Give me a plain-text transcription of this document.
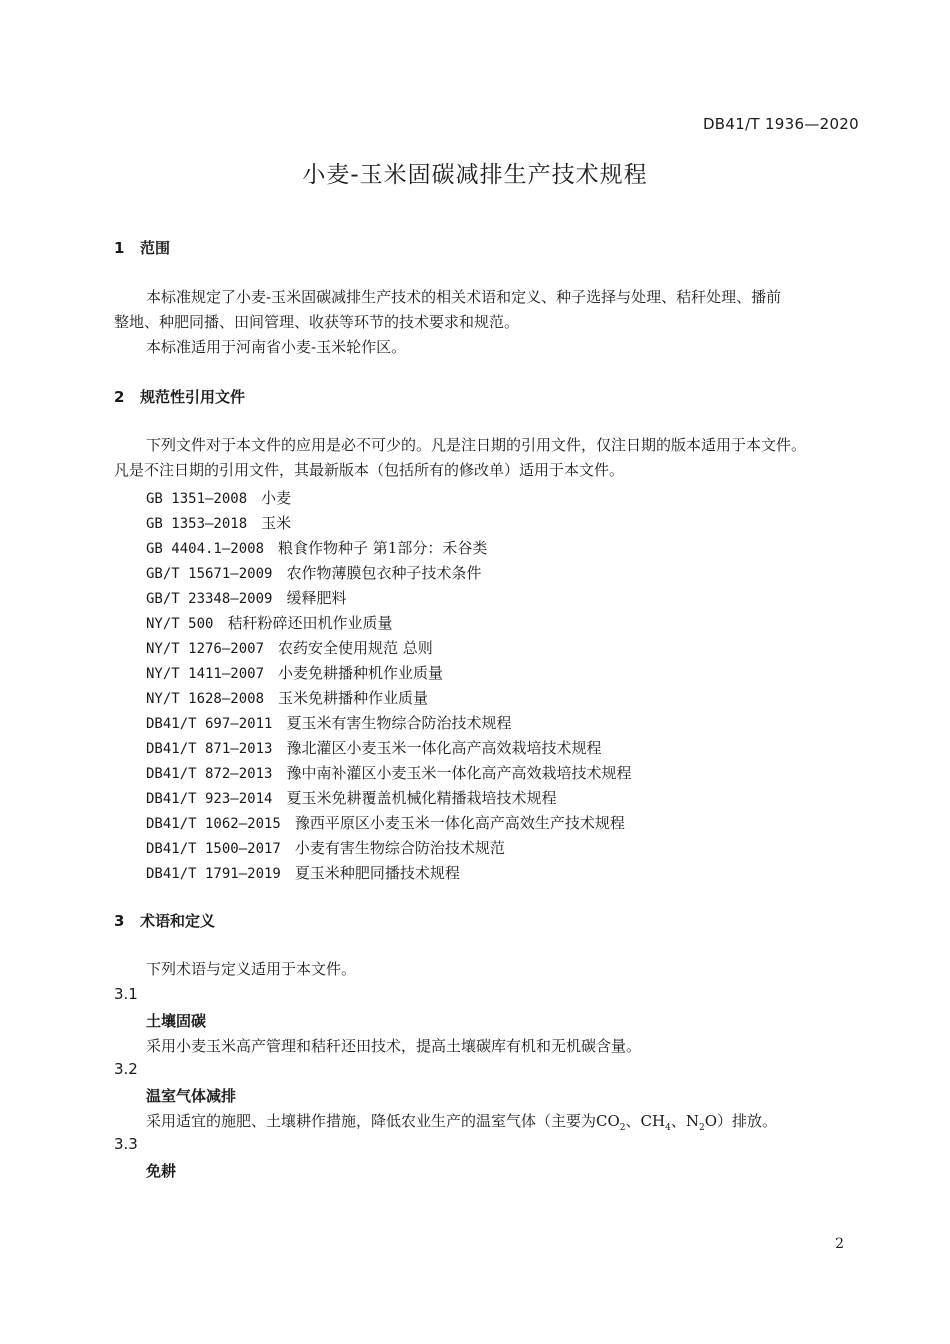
DB41/T 1936—2020
小麦-玉米固碳减排生产技术规程
1 范围
本标准规定了小麦-玉米固碳减排生产技术的相关术语和定义、种子选择与处理、秸秆处理、播前
整地、种肥同播、田间管理、收获等环节的技术要求和规范。
本标准适用于河南省小麦-玉米轮作区。
2 规范性引用文件
下列文件对于本文件的应用是必不可少的。凡是注日期的引用文件，仅注日期的版本适用于本文件。
凡是不注日期的引用文件，其最新版本（包括所有的修改单）适用于本文件。
GB 1351—2008 小麦
GB 1353—2018 玉米
GB 4404.1—2008 粮食作物种子 第1部分：禾谷类
GB/T 15671—2009 农作物薄膜包衣种子技术条件
GB/T 23348—2009 缓释肥料
NY/T 500 秸秆粉碎还田机作业质量
NY/T 1276—2007 农药安全使用规范 总则
NY/T 1411—2007 小麦免耕播种机作业质量
NY/T 1628—2008 玉米免耕播种作业质量
DB41/T 697—2011 夏玉米有害生物综合防治技术规程
DB41/T 871—2013 豫北灌区小麦玉米一体化高产高效栽培技术规程
DB41/T 872—2013 豫中南补灌区小麦玉米一体化高产高效栽培技术规程
DB41/T 923—2014 夏玉米免耕覆盖机械化精播栽培技术规程
DB41/T 1062—2015 豫西平原区小麦玉米一体化高产高效生产技术规程
DB41/T 1500—2017 小麦有害生物综合防治技术规范
DB41/T 1791—2019 夏玉米种肥同播技术规程
3 术语和定义
下列术语与定义适用于本文件。
3.1
土壤固碳
采用小麦玉米高产管理和秸秆还田技术，提高土壤碳库有机和无机碳含量。
3.2
温室气体减排
采用适宜的施肥、土壤耕作措施，降低农业生产的温室气体（主要为$CO_2$、$CH_4$、$N_2O$）排放。
3.3
免耕
2
